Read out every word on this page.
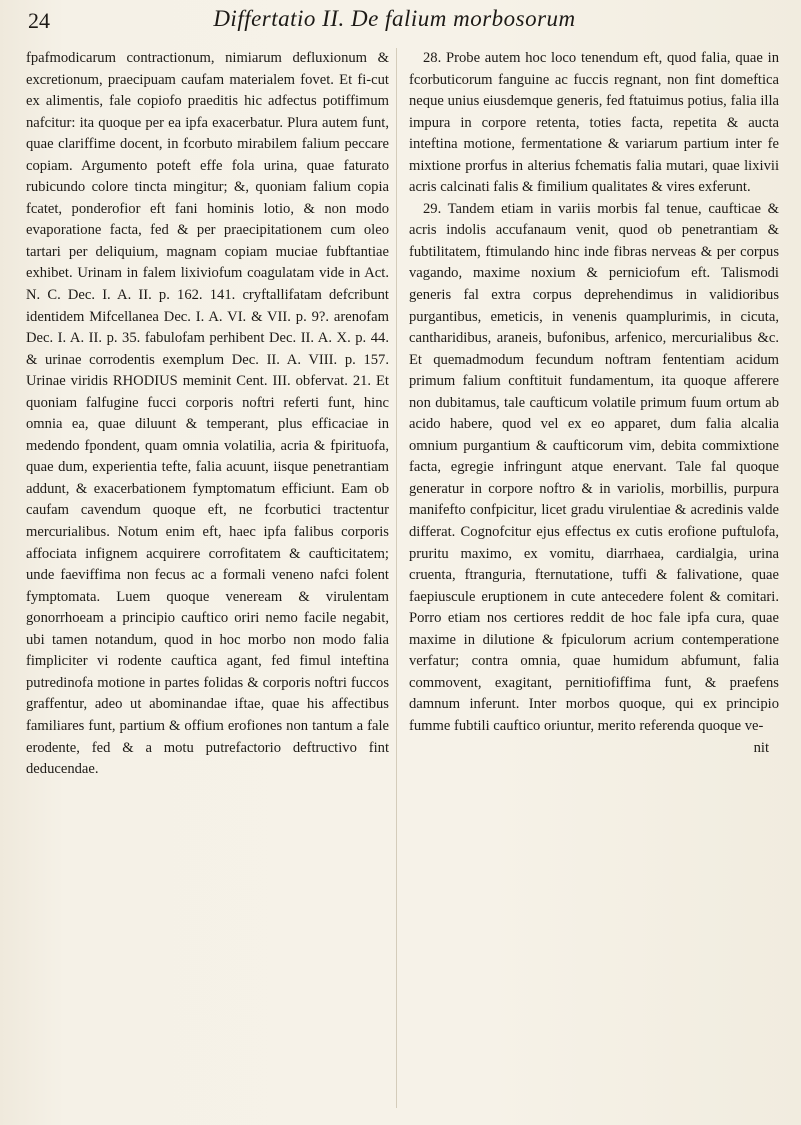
24	Differtatio II. De falium morbosorum

fpafmodicarum contractionum, nimiarum defluxionum & excretionum, praecipuam caufam materialem fovet. Et fi-cut ex alimentis, fale copiofo praeditis hic adfectus potiffimum nafcitur: ita quoque per ea ipfa exacerbatur. Plura autem funt, quae clariffime docent, in fcorbuto mirabilem falium peccare copiam. Argumento poteft effe fola urina, quae faturato rubicundo colore tincta mingitur; &, quoniam falium copia fcatet, ponderofior eft fani hominis lotio, & non modo evaporatione facta, fed & per praecipitationem cum oleo tartari per deliquium, magnam copiam muciae fubftantiae exhibet. Urinam in falem lixiviofum coagulatam vide in Act. N. C. Dec. I. A. II. p. 162. 141. cryftallifatam defcribunt identidem Mifcellanea Dec. I. A. VI. & VII. p. 9?. arenofam Dec. I. A. II. p. 35. fabulofam perhibent Dec. II. A. X. p. 44. & urinae corrodentis exemplum Dec. II. A. VIII. p. 157. Urinae viridis RHODIUS meminit Cent. III. obfervat. 21. Et quoniam falfugine fucci corporis noftri referti funt, hinc omnia ea, quae diluunt & temperant, plus efficaciae in medendo fpondent, quam omnia volatilia, acria & fpirituofa, quae dum, experientia tefte, falia acuunt, iisque penetrantiam addunt, & exacerbationem fymptomatum efficiunt. Eam ob caufam cavendum quoque eft, ne fcorbutici tractentur mercurialibus. Notum enim eft, haec ipfa falibus corporis affociata infignem acquirere corrofitatem & caufticitatem; unde faeviffima non fecus ac a formali veneno nafci folent fymptomata. Luem quoque veneream & virulentam gonorrhoeam a principio cauftico oriri nemo facile negabit, ubi tamen notandum, quod in hoc morbo non modo falia fimpliciter vi rodente cauftica agant, fed fimul inteftina putredinofa motione in partes folidas & corporis noftri fuccos graffentur, adeo ut abominandae iftae, quae his affectibus familiares funt, partium & offium erofiones non tantum a fale erodente, fed & a motu putrefactorio deftructivo fint deducendae.

28. Probe autem hoc loco tenendum eft, quod falia, quae in fcorbuticorum fanguine ac fuccis regnant, non fint domeftica neque unius eiusdemque generis, fed ftatuimus potius, falia illa impura in corpore retenta, toties facta, repetita & aucta inteftina motione, fermentatione & variarum partium inter fe mixtione prorfus in alterius fchematis falia mutari, quae lixivii acris calcinati falis & fimilium qualitates & vires exferunt.

29. Tandem etiam in variis morbis fal tenue, caufticae & acris indolis accufanaum venit, quod ob penetrantiam & fubtilitatem, ftimulando hinc inde fibras nerveas & per corpus vagando, maxime noxium & perniciofum eft. Talismodi generis fal extra corpus deprehendimus in validioribus purgantibus, emeticis, in venenis quamplurimis, in cicuta, cantharidibus, araneis, bufonibus, arfenico, mercurialibus &c. Et quemadmodum fecundum noftram fententiam acidum primum falium conftituit fundamentum, ita quoque afferere non dubitamus, tale caufticum volatile primum fuum ortum ab acido habere, quod vel ex eo apparet, dum falia alcalia omnium purgantium & caufticorum vim, debita commixtione facta, egregie infringunt atque enervant. Tale fal quoque generatur in corpore noftro & in variolis, morbillis, purpura manifefto confpicitur, licet gradu virulentiae & acredinis valde differat. Cognofcitur ejus effectus ex cutis erofione puftulofa, pruritu maximo, ex vomitu, diarrhaea, cardialgia, urina cruenta, ftranguria, fternutatione, tuffi & falivatione, quae faepiuscule eruptionem in cute antecedere folent & comitari. Porro etiam nos certiores reddit de hoc fale ipfa cura, quae maxime in dilutione & fpiculorum acrium contemperatione verfatur; contra omnia, quae humidum abfumunt, falia commovent, exagitant, pernitiofiffima funt, & praefens damnum inferunt. Inter morbos quoque, qui ex principio fumme fubtili cauftico oriuntur, merito referenda quoque ve-

nit
